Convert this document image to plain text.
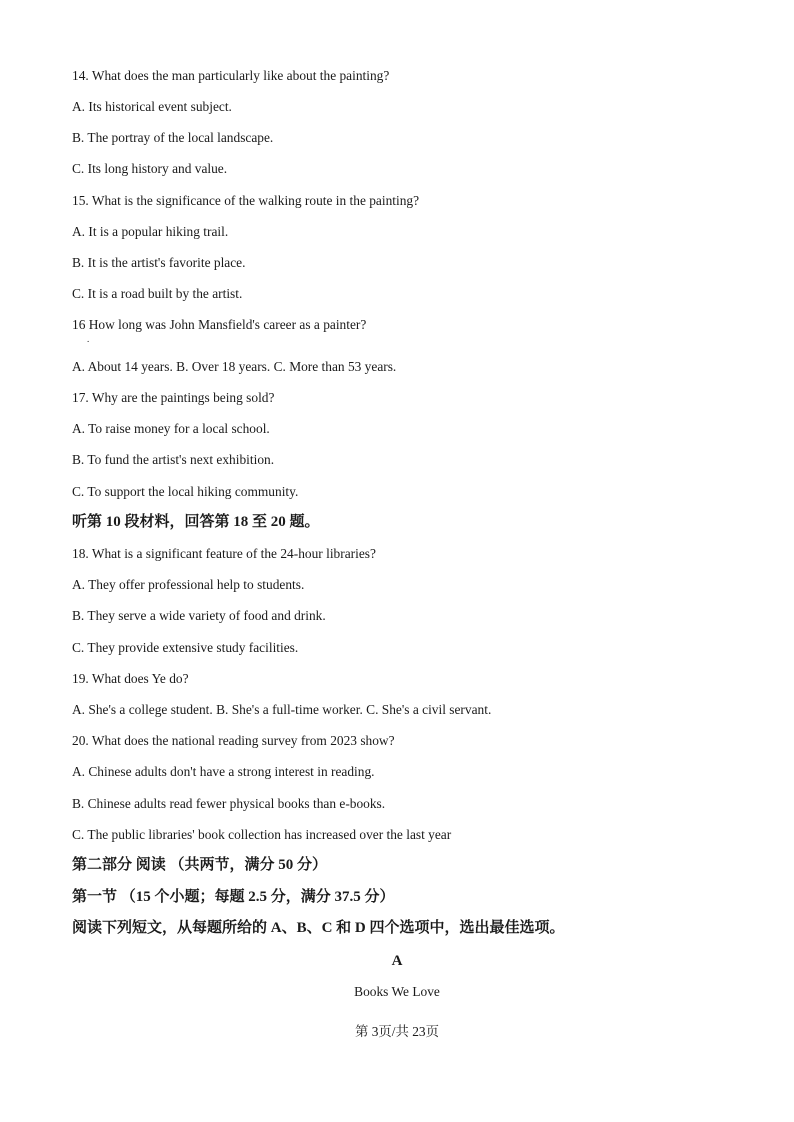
14. What does the man particularly like about the painting?
A. Its historical event subject.
B. The portray of the local landscape.
C. Its long history and value.
15. What is the significance of the walking route in the painting?
A. It is a popular hiking trail.
B. It is the artist's favorite place.
C. It is a road built by the artist.
16 How long was John Mansfield's career as a painter?
.
A. About 14 years. B. Over 18 years. C. More than 53 years.
17. Why are the paintings being sold?
A. To raise money for a local school.
B. To fund the artist's next exhibition.
C. To support the local hiking community.
听第 10 段材料，回答第 18 至 20 题。
18. What is a significant feature of the 24-hour libraries?
A. They offer professional help to students.
B. They serve a wide variety of food and drink.
C. They provide extensive study facilities.
19. What does Ye do?
A. She's a college student. B. She's a full-time worker. C. She's a civil servant.
20. What does the national reading survey from 2023 show?
A. Chinese adults don't have a strong interest in reading.
B. Chinese adults read fewer physical books than e-books.
C. The public libraries' book collection has increased over the last year
第二部分 阅读 （共两节，满分 50 分）
第一节 （15 个小题；每题 2.5 分，满分 37.5 分）
阅读下列短文，从每题所给的 A、B、C 和 D 四个选项中，选出最佳选项。
A
Books We Love
第 3页/共 23页
